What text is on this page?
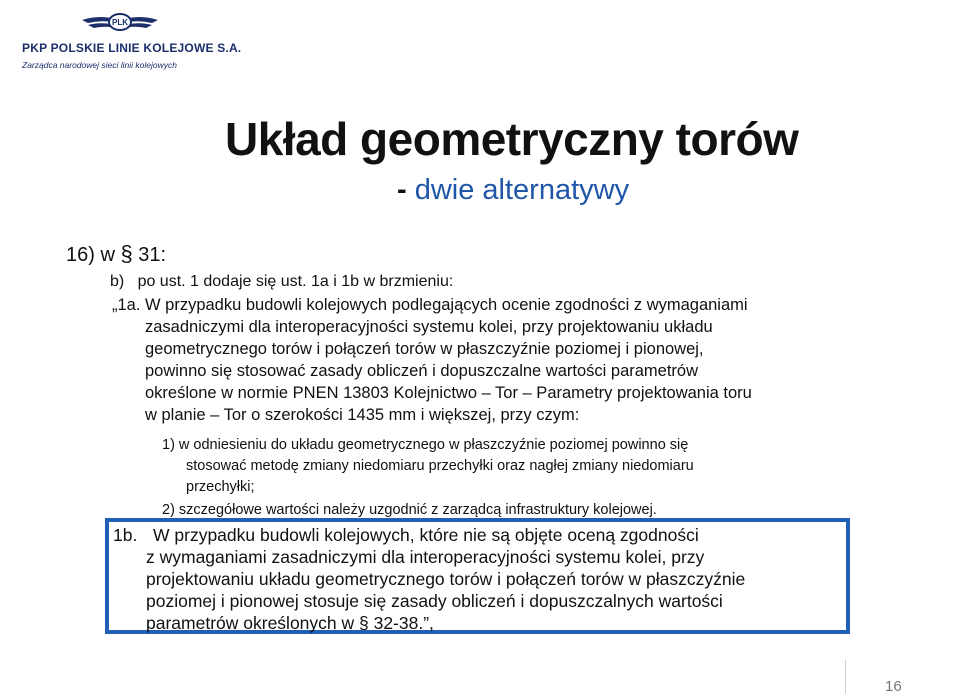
PLK
PKP POLSKIE LINIE KOLEJOWE S.A.
Zarządca narodowej sieci linii kolejowych
Układ geometryczny torów
- dwie alternatywy
16) w § 31:
b)   po ust. 1 dodaje się ust. 1a i 1b w brzmieniu:
„1a. W przypadku budowli kolejowych podlegających ocenie zgodności z wymaganiami
zasadniczymi dla interoperacyjności systemu kolei, przy projektowaniu układu
geometrycznego torów i połączeń torów w płaszczyźnie poziomej i pionowej,
powinno się stosować zasady obliczeń i dopuszczalne wartości parametrów
określone w normie PNEN 13803 Kolejnictwo – Tor – Parametry projektowania toru
w planie – Tor o szerokości 1435 mm i większej, przy czym:
1) w odniesieniu do układu geometrycznego w płaszczyźnie poziomej powinno się
stosować metodę zmiany niedomiaru przechyłki oraz nagłej zmiany niedomiaru
przechyłki;
2) szczegółowe wartości należy uzgodnić z zarządcą infrastruktury kolejowej.
1b. W przypadku budowli kolejowych, które nie są objęte oceną zgodności
z wymaganiami zasadniczymi dla interoperacyjności systemu kolei, przy
projektowaniu układu geometrycznego torów i połączeń torów w płaszczyźnie
poziomej i pionowej stosuje się zasady obliczeń i dopuszczalnych wartości
parametrów określonych w § 32-38.”,
16
